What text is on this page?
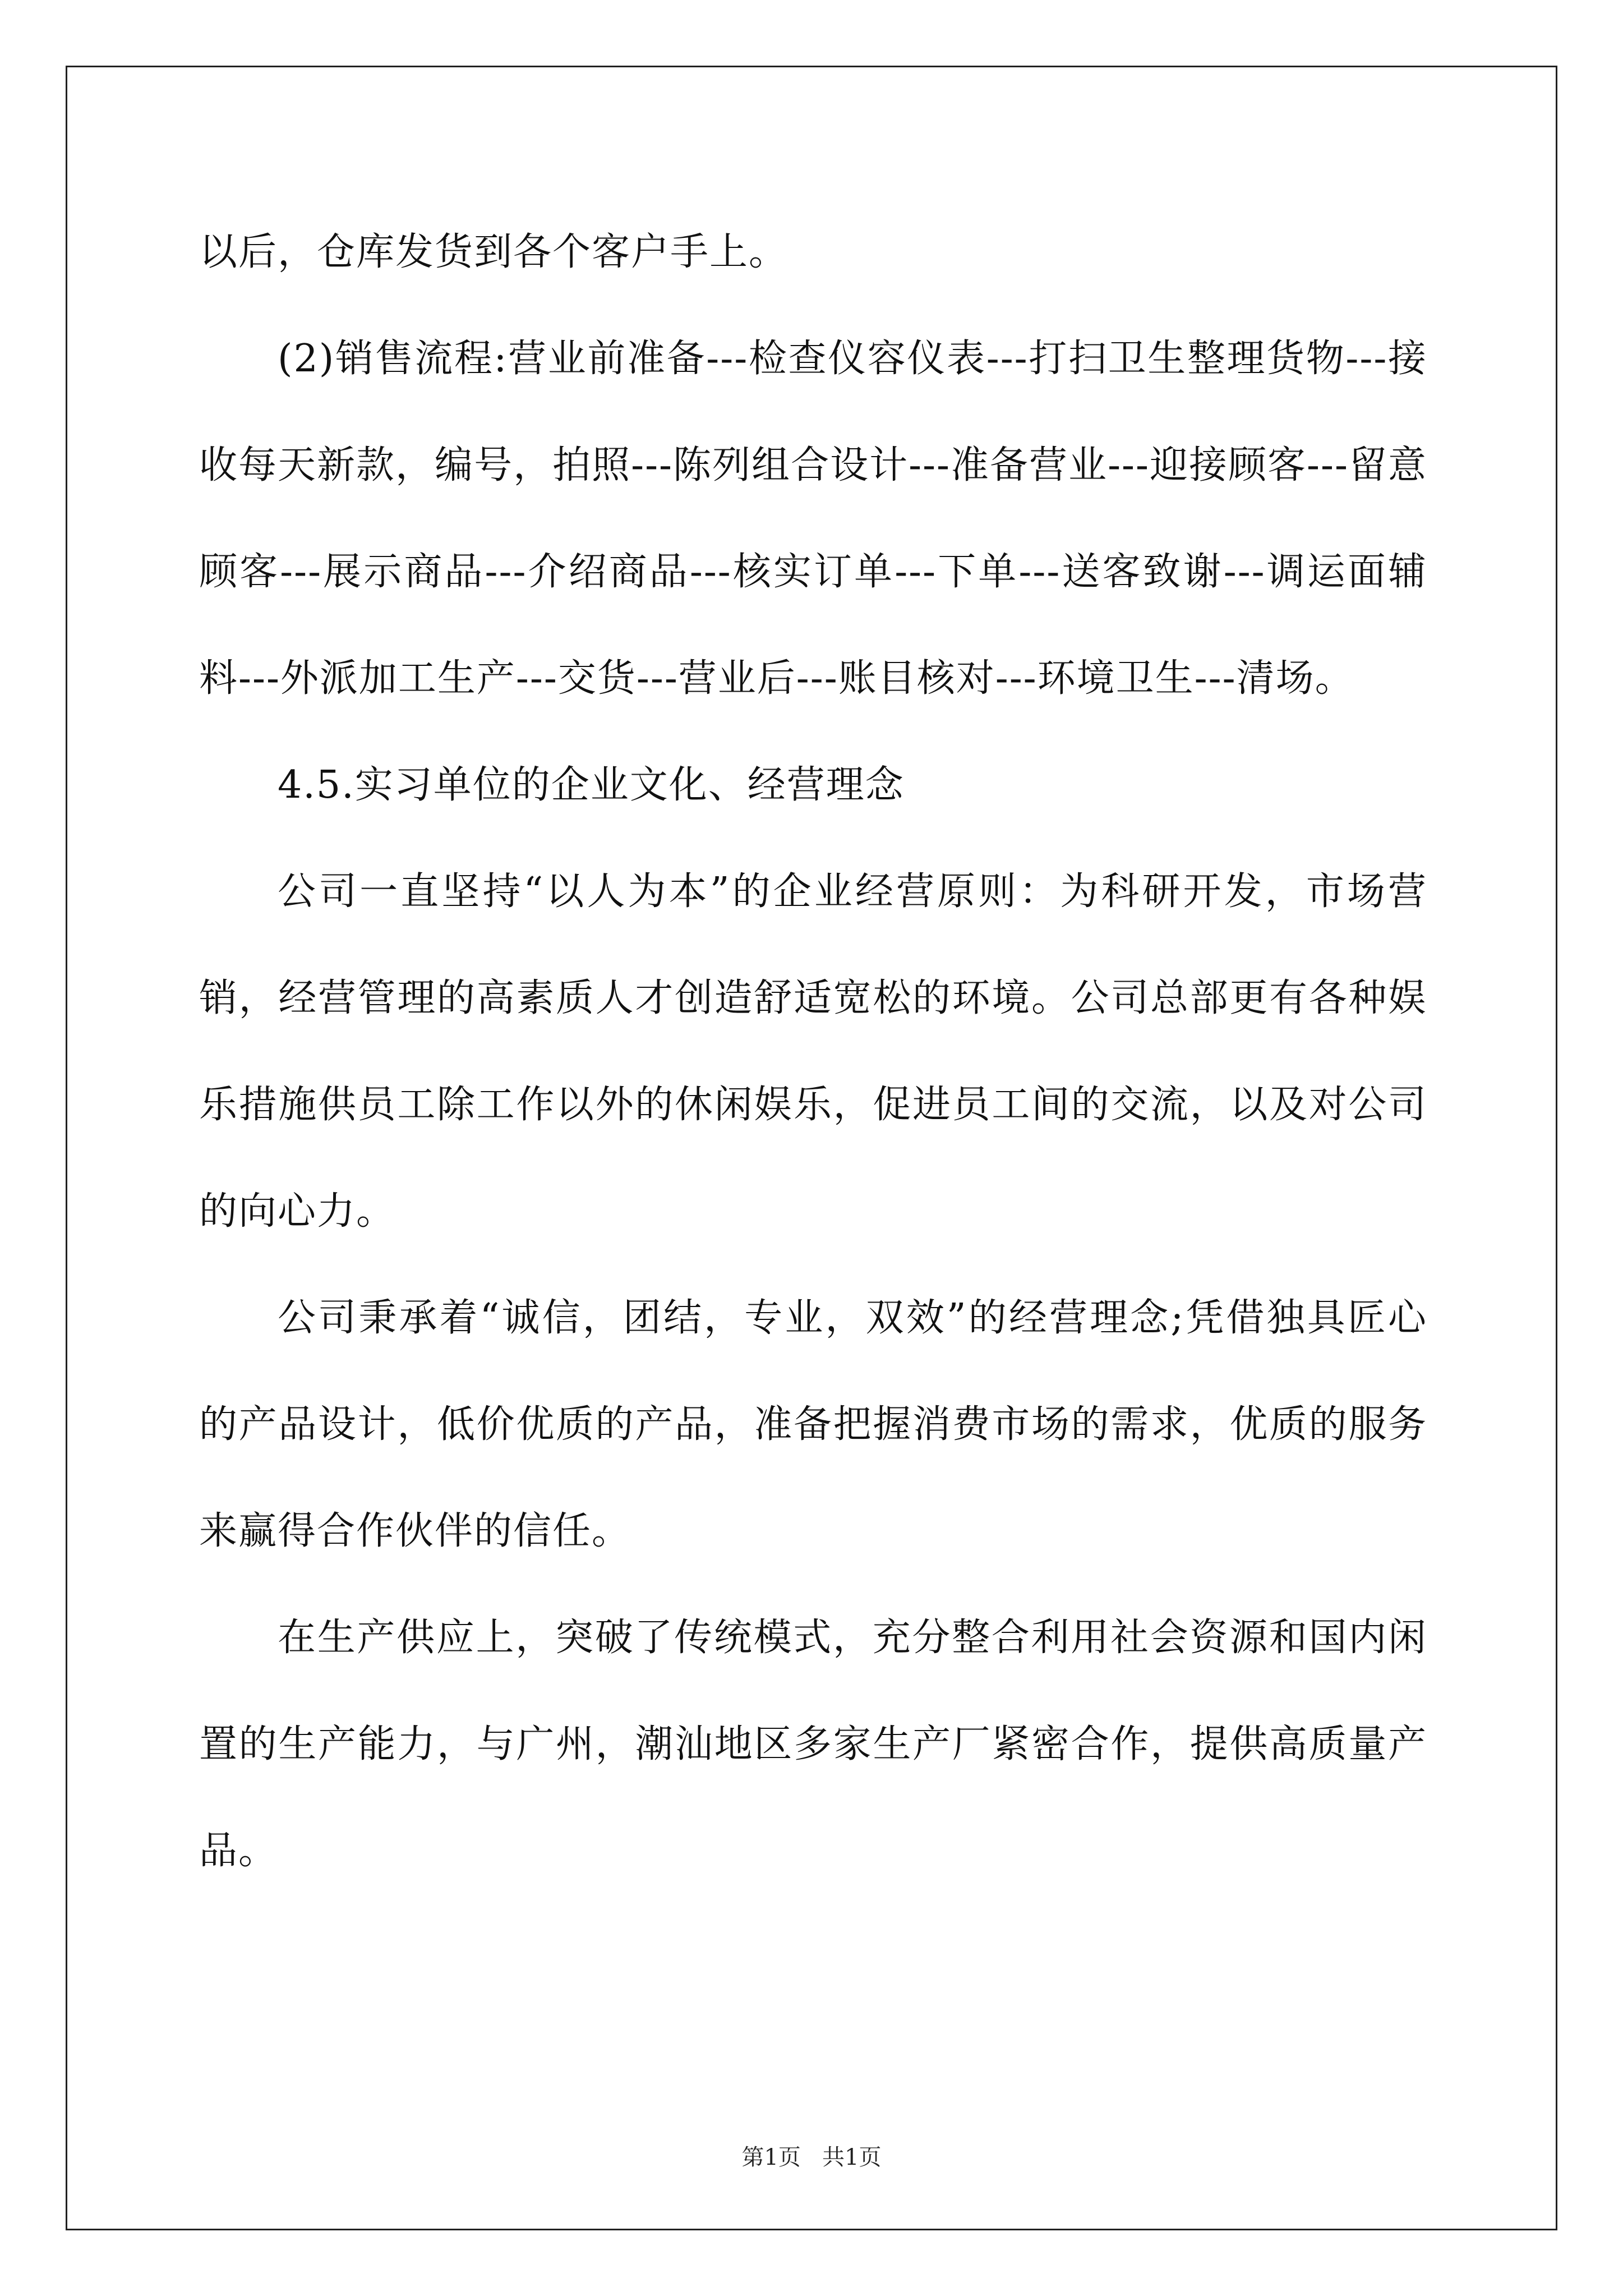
以后，仓库发货到各个客户手上。

(2)销售流程:营业前准备---检查仪容仪表---打扫卫生整理货物---接收每天新款，编号，拍照---陈列组合设计---准备营业---迎接顾客---留意顾客---展示商品---介绍商品---核实订单---下单---送客致谢---调运面辅料---外派加工生产---交货---营业后---账目核对---环境卫生---清场。

4.5.实习单位的企业文化、经营理念

公司一直坚持“以人为本”的企业经营原则：为科研开发，市场营销，经营管理的高素质人才创造舒适宽松的环境。公司总部更有各种娱乐措施供员工除工作以外的休闲娱乐，促进员工间的交流，以及对公司的向心力。

公司秉承着“诚信，团结，专业，双效”的经营理念;凭借独具匠心的产品设计，低价优质的产品，准备把握消费市场的需求，优质的服务来赢得合作伙伴的信任。

在生产供应上，突破了传统模式，充分整合利用社会资源和国内闲置的生产能力，与广州，潮汕地区多家生产厂紧密合作，提供高质量产品。

第1页   共1页
